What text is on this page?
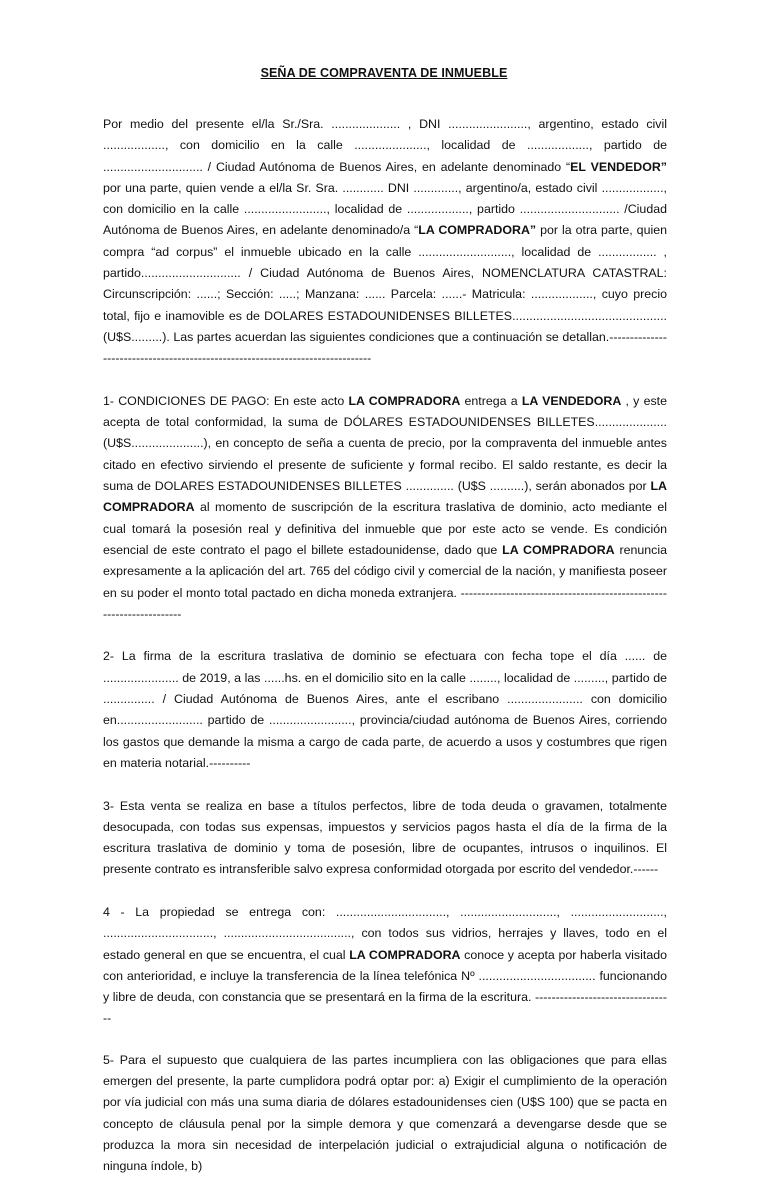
SEÑA DE COMPRAVENTA DE INMUEBLE

Por medio del presente el/la Sr./Sra. .................... , DNI ......................., argentino, estado civil .................., con domicilio en la calle ....................., localidad de .................., partido de ............................. / Ciudad Autónoma de Buenos Aires, en adelante denominado “EL VENDEDOR” por una parte, quien vende a el/la Sr. Sra. ............ DNI ............., argentino/a, estado civil .................., con domicilio en la calle ........................, localidad de .................., partido ............................. /Ciudad Autónoma de Buenos Aires, en adelante denominado/a “LA COMPRADORA” por la otra parte, quien compra “ad corpus” el inmueble ubicado en la calle ..........................., localidad de ................. , partido............................. / Ciudad Autónoma de Buenos Aires, NOMENCLATURA CATASTRAL: Circunscripción: ......; Sección: .....; Manzana: ...... Parcela: ......- Matricula: .................., cuyo precio total, fijo e inamovible es de DOLARES ESTADOUNIDENSES BILLETES............................................. (U$S.........). Las partes acuerdan las siguientes condiciones que a continuación se detallan.-------------------------------------------------------------------------------

1- CONDICIONES DE PAGO: En este acto LA COMPRADORA entrega a LA VENDEDORA , y este acepta de total conformidad, la suma de DÓLARES ESTADOUNIDENSES BILLETES..................... (U$S.....................), en concepto de seña a cuenta de precio, por la compraventa del inmueble antes citado en efectivo sirviendo el presente de suficiente y formal recibo. El saldo restante, es decir la suma de DOLARES ESTADOUNIDENSES BILLETES .............. (U$S ..........), serán abonados por LA COMPRADORA al momento de suscripción de la escritura traslativa de dominio, acto mediante el cual tomará la posesión real y definitiva del inmueble que por este acto se vende. Es condición esencial de este contrato el pago el billete estadounidense, dado que LA COMPRADORA renuncia expresamente a la aplicación del art. 765 del código civil y comercial de la nación, y manifiesta poseer en su poder el monto total pactado en dicha moneda extranjera. ---------------------------------------------------------------------

2- La firma de la escritura traslativa de dominio se efectuara con fecha tope el día ...... de ...................... de 2019, a las ......hs. en el domicilio sito en la calle ........, localidad de ........., partido de ............... / Ciudad Autónoma de Buenos Aires, ante el escribano ...................... con domicilio en......................... partido de ........................, provincia/ciudad autónoma de Buenos Aires, corriendo los gastos que demande la misma a cargo de cada parte, de acuerdo a usos y costumbres que rigen en materia notarial.----------

3- Esta venta se realiza en base a títulos perfectos, libre de toda deuda o gravamen, totalmente desocupada, con todas sus expensas, impuestos y servicios pagos hasta el día de la firma de la escritura traslativa de dominio y toma de posesión, libre de ocupantes, intrusos o inquilinos. El presente contrato es intransferible salvo expresa conformidad otorgada por escrito del vendedor.------

4 - La propiedad se entrega con: ................................, ............................, ..........................., ................................, ....................................., con todos sus vidrios, herrajes y llaves, todo en el estado general en que se encuentra, el cual LA COMPRADORA conoce y acepta por haberla visitado con anterioridad, e incluye la transferencia de la línea telefónica Nº .................................. funcionando y libre de deuda, con constancia que se presentará en la firma de la escritura. ----------------------------------

5- Para el supuesto que cualquiera de las partes incumpliera con las obligaciones que para ellas emergen del presente, la parte cumplidora podrá optar por: a) Exigir el cumplimiento de la operación por vía judicial con más una suma diaria de dólares estadounidenses cien (U$S 100) que se pacta en concepto de cláusula penal por la simple demora y que comenzará a devengarse desde que se produzca la mora sin necesidad de interpelación judicial o extrajudicial alguna o notificación de ninguna índole, b)
